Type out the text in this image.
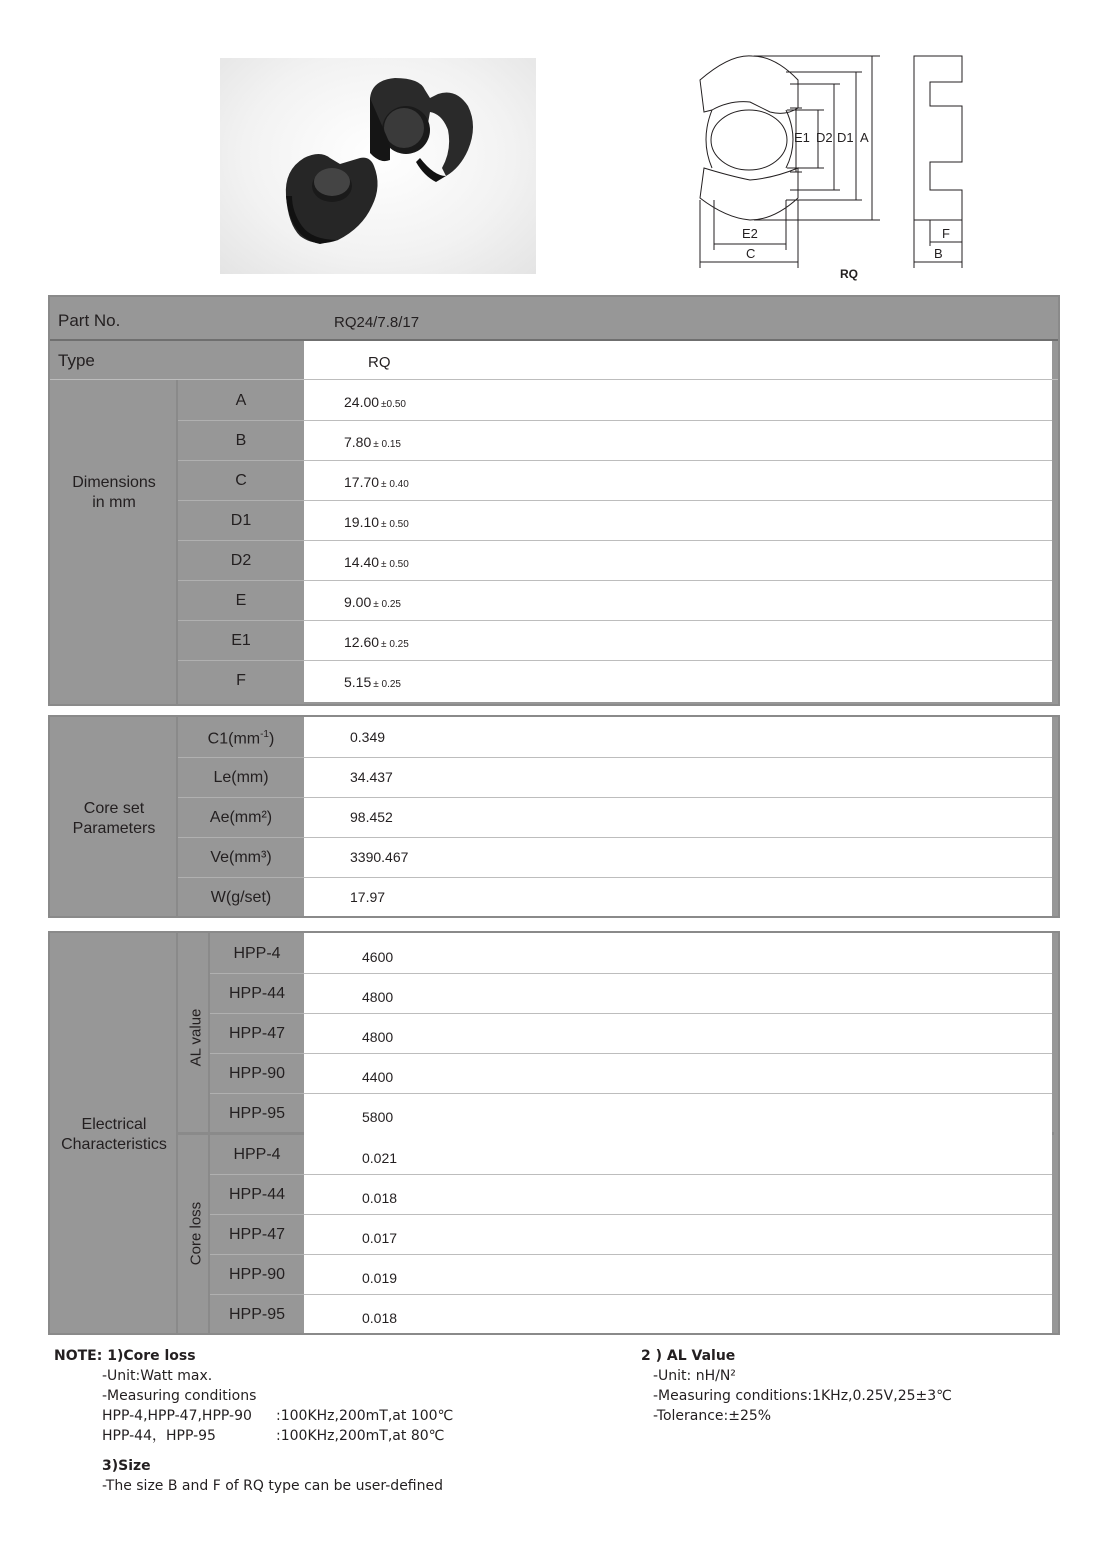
E1 D2 D1 A
E2
C
F
B
RQ
Part No.	RQ24/7.8/17
Type	RQ
Dimensions
in mm
A	24.00 ±0.50
B	7.80 ± 0.15
C	17.70 ± 0.40
D1	19.10 ± 0.50
D2	14.40 ± 0.50
E	9.00 ± 0.25
E1	12.60 ± 0.25
F	5.15 ± 0.25
Core set
Parameters
$C1(mm^{-1})$	0.349
Le(mm)	34.437
Ae(mm²)	98.452
Ve(mm³)	3390.467
W(g/set)	17.97
Electrical
Characteristics
AL value
Core loss
HPP-4	4600
HPP-44	4800
HPP-47	4800
HPP-90	4400
HPP-95	5800
HPP-4	0.021
HPP-44	0.018
HPP-47	0.017
HPP-90	0.019
HPP-95	0.018
NOTE: 1)Core loss
-Unit:Watt max.
-Measuring conditions
HPP-4,HPP-47,HPP-90 :100KHz,200mT,at 100℃
HPP-44，HPP-95	:100KHz,200mT,at 80℃
3)Size
-The size B and F of RQ type can be user-defined
2 ) AL Value
-Unit: nH/N²
-Measuring conditions:1KHz,0.25V,25±3℃
-Tolerance:±25%
